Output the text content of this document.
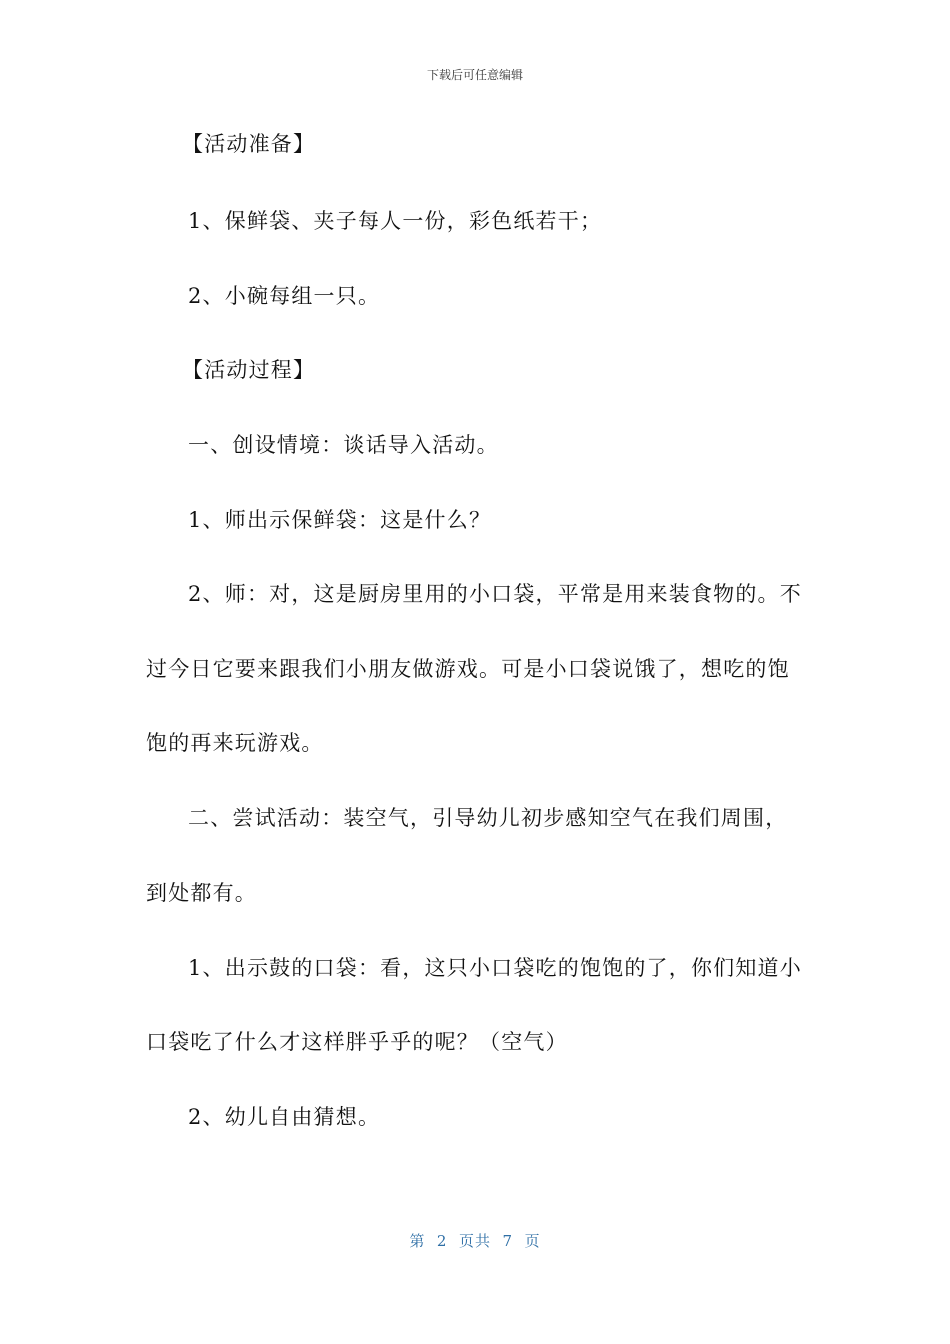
下载后可任意编辑
【活动准备】
1、保鲜袋、夹子每人一份，彩色纸若干；
2、小碗每组一只。
【活动过程】
一、创设情境：谈话导入活动。
1、师出示保鲜袋：这是什么？
2、师：对，这是厨房里用的小口袋，平常是用来装食物的。不
过今日它要来跟我们小朋友做游戏。可是小口袋说饿了，想吃的饱
饱的再来玩游戏。
二、尝试活动：装空气，引导幼儿初步感知空气在我们周围，
到处都有。
1、出示鼓的口袋：看，这只小口袋吃的饱饱的了，你们知道小
口袋吃了什么才这样胖乎乎的呢？（空气）
2、幼儿自由猜想。
第  2  页共  7  页
